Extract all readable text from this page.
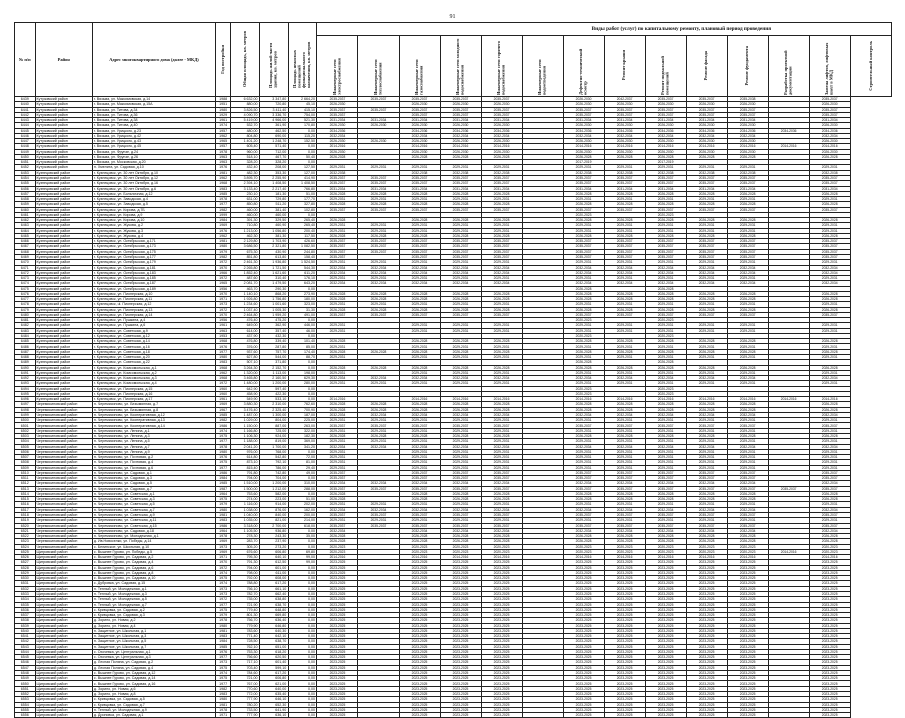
91
№ п/п	Район	Адрес многоквартирного дома (далее - МКД)	Год постройки	Общая площадь, кв. метров	Площадь жилой части здания, кв. метров	Площадь нежилых помещений функционального назначения, кв. метров	Виды работ (услуг) по капитальному ремонту, плановый период проведения													
							Инженерные сети электроснабжения	Инженерные сети теплоснабжения	Инженерные сети газоснабжения	Инженерные сети холодного водоснабжения	Инженерные сети горячего водоснабжения	Инженерные сети водоотведения	Дефектно-технический осмотр	Ремонт крыши	Ремонт подвальной помещений	Ремонт фасада	Ремонт фундамента	Разработка проектной документации	Замена лифтов, лифтовых шахт в МКД	Строительный контроль
6439	Кутузовский район	г. Вязьма, ул. Максимовская, д.14	1988	6 632,00	3 347,80	2 664,20	2035-2037	2035-2037	2035-2037	2035-2037	2035-2037		2026-2030	2042-2037	2035-2037	2035-2037	2035-2038		2035-2037	
6440	Кутузовский район	г. Вязьма, ул. Максимовская, д.15А	1951	880,00	720,80	45,10	2026-2030		2026-2030	2026-2030	2026-2030		2026-2030	2026-2030	2026-2030	2026-2030	2026-2030		2026-2030	
6441	Кутузовский район	г. Вязьма, ул. Титова, д.34	1980	3 826,50	3 411,40	415,10	2035-2037	2035-2037	2035-2037	2035-2037	2035-2037		2035-2037	2035-2037	2035-2037	2035-2037	2035-2037		2035-2037	
6442	Кутузовский район	г. Вязьма, ул. Титова, д.36	1929	4 090,70	3 336,70	754,00	2035-2037		2035-2037	2035-2037	2035-2037		2035-2037	2035-2037	2035-2037	2035-2037	2035-2037		2035-2037	
6443	Кутузовский район	г. Вязьма, ул. Титова, д.38	1961	5 419,00	4 966,00	521,30	2031-2034	2031-2034	2031-2034	2031-2034	2031-2034		2031-2034	2031-2034	2031-2034	2031-2034	2031-2034		2031-2034	
6444	Кутузовский район	г. Вязьма, ул. Титова, д.40	1974	532,70	361,90	170,80	2026-2030	2026-2030	2026-2030	2026-2030	2026-2030		2026-2030	2026-2030	2026-2030	2026-2030	2026-2030		2026-2030	
6445	Кутузовский район	г. Вязьма, ул. Урицкого, д.23	1957	480,00	462,50	0,00	2034-2036		2034-2036	2034-2036	2034-2036		2034-2036	2034-2036	2034-2036	2034-2036	2034-2036	2034-2036	2034-2036	
6446	Кутузовский район	г. Вязьма, ул. Урицкого, д.42	1962	804,80	690,00	115,20	2032-2034		2032-2034	2032-2034	2032-2034		2032-2034	2032-2034	2032-2034	2032-2034	2032-2034		2032-2034	
6447	Кутузовский район	г. Вязьма, ул. Урицкого, д.43	1965	1 401,20	1 248,70	152,50	2026-2030	2026-2030	2026-2030	2026-2030	2026-2030		2026-2030	2026-2030	2026-2030	2026-2030	2026-2030		2026-2030	
6448	Кутузовский район	г. Вязьма, ул. Урицкого, д.45	1957	605,40	571,40	0,00	2014-2016		2014-2016	2014-2016	2014-2016		2014-2016	2014-2016	2014-2016	2014-2016	2014-2016	2014-2016	2014-2016	
6449	Кутузовский район	г. Вязьма, ул. Фрунзе, д.24	1978	960,00	712,00	0,00	2026-2030		2026-2030	2026-2030	2026-2030		2026-2030	2026-2030	2026-2030	2026-2030	2026-2030		2026-2030	
6450	Кутузовский район	г. Вязьма, ул. Фрунзе, д.26	1963	518,10	467,70	50,40	2026-2028		2026-2028	2026-2028	2026-2028		2026-2028	2026-2028	2026-2028	2026-2028	2026-2028		2026-2028	
6451	Кутузовский район	г. Вязьма, ул. Московская, д.20	1963	328,20	328,20	0,00							2017-2019		2017-2019					
6452	Кутузовский район	п. Хмелита, ул. Садовая, д.10	1976	432,40	208,00	127,50	2029-2031	2029-2031	2029-2031	2029-2031	2029-2031		2029-2031	2029-2031	2029-2031	2029-2031	2029-2031		2029-2031	
6453	Кузнецовский район	г. Кузнецовск, ул. 30 лет Октября, д.10	1981	482,30	353,30	127,00	2032-2038		2032-2038	2032-2038	2032-2038		2032-2038	2032-2038	2032-2038	2032-2038	2032-2038		2032-2038	
6454	Кузнецовский район	г. Кузнецовск, ул. 30 лет Октября, д.12	1962	3 895,70	2 255,90	414,90	2035-2037	2035-2037	2035-2037	2035-2037	2035-2037		2035-2037	2035-2037	2035-2037	2035-2037	2035-2037		2035-2037	
6455	Кузнецовский район	г. Кузнецовск, ул. 30 лет Октября, д.16	1968	2 394,10	1 408,50	1 408,50	2035-2037	2035-2037	2035-2037	2035-2037	2035-2037		2035-2037	2035-2037	2035-2037	2035-2037	2035-2037		2035-2037	
6456	Кузнецовский район	г. Кузнецовск, ул. 30 лет Октября, д.6	1983	3 133,40	2 217,40	766,80	2031-2034	2031-2034	2031-2034	2031-2034	2031-2034		2031-2034	2031-2034	2031-2034	2031-2034	2031-2034		2031-2034	
6457	Кузнецовский район	г. Кузнецовск, ул. Больничная, д.12	1985	230,10	181,30	51,00	2026-2028	2026-2028	2026-2028	2026-2028	2026-2028		2026-2028	2026-2028	2026-2028	2026-2028	2026-2028		2026-2028	
6458	Кузнецовский район	г. Кузнецовск, ул. Заводская, д.4	1978	631,00	729,80	177,70	2029-2031	2029-2031	2029-2031	2029-2031	2029-2031		2029-2031	2029-2031	2029-2031	2029-2031	2029-2031		2029-2031	
6459	Кузнецовский район	г. Кузнецовск, ул. Заводская, д.5	1977	850,80	511,20	327,80	2026-2028	2026-2028	2026-2028	2026-2028	2026-2028		2026-2028	2026-2028	2026-2028	2026-2028	2026-2028		2026-2028	
6460	Кузнецовский район	г. Кузнецовск, ул. Кирова, д.7Б	1982	460,00	381,40	102,80	2035-2037	2035-2037	2035-2037	2035-2037	2035-2037		2035-2037	2035-2037	2035-2037	2035-2037	2035-2037		2035-2037	
6461	Кузнецовский район	г. Кузнецовск, ул. Кирова, д.9	1999	460,00	460,00	0,00							2020-2023		2020-2023					
6462	Кузнецовский район	г. Кузнецовск, ул. Кирова, д.10	1984	391,30	329,50	265,40	2026-2028		2026-2028	2026-2028	2026-2028		2026-2028	2026-2028	2026-2028	2026-2028	2026-2028		2026-2028	
6463	Кузнецовский район	г. Кузнецовск, ул. Жукова, д.2	1969	710,80	460,90	265,40	2029-2031	2029-2031	2029-2031	2029-2031	2029-2031		2029-2031	2029-2031	2029-2031	2029-2031	2029-2031		2029-2031	
6464	Кузнецовский район	г. Кузнецовск, ул. Жукова, д.3	1976	1 213,00	1 056,80	200,40	2029-2031	2029-2031	2029-2031	2029-2031	2029-2031		2029-2031	2029-2031	2029-2031	2029-2031	2029-2031		2029-2031	
6465	Кузнецовский район	г. Кузнецовск, ул. Жукова, д.4	1962	462,30	381,30	117,50	2026-2028	2026-2028	2026-2028	2026-2028	2026-2028		2026-2028	2026-2028	2026-2028	2026-2028	2026-2028		2026-2028	
6466	Кузнецовский район	г. Кузнецовск, ул. Октябрьская, д.171	1981	2 129,80	1 703,90	426,60	2035-2037	2035-2037	2035-2037	2035-2037	2035-2037		2035-2037	2035-2037	2035-2037	2035-2037	2035-2037		2035-2037	
6467	Кузнецовский район	г. Кузнецовск, ул. Октябрьская, д.173	1980	3 686,50	2 321,80	1 082,50	2035-2037	2035-2037	2035-2037	2035-2037	2035-2037		2035-2037	2035-2037	2035-2037	2035-2037	2035-2037		2035-2037	
6468	Кузнецовский район	г. Кузнецовск, ул. Октябрьская, д.175	1979	675,30	430,90	244,80	2035-2037	2035-2037	2035-2037	2035-2037	2035-2037		2035-2037	2035-2037	2035-2037	2035-2037	2035-2037		2035-2037	
6469	Кузнецовский район	г. Кузнецовск, ул. Октябрьская, д.177	1982	851,80	613,80	158,40	2035-2037		2035-2037	2035-2037	2035-2037		2035-2037	2035-2037	2035-2037	2035-2037	2035-2037		2035-2037	
6470	Кузнецовский район	г. Кузнецовск, ул. Октябрьская, д.179	1972	2 461,30	1 936,80	1 524,50	2029-2031	2029-2031	2029-2031	2029-2031	2029-2031		2029-2031	2029-2031	2029-2031	2029-2031	2029-2031		2029-2031	
6471	Кузнецовский район	г. Кузнецовск, ул. Октябрьская, д.181	1970	2 265,80	1 721,50	544,30	2032-2034	2032-2034	2032-2034	2032-2034	2032-2034		2032-2034	2032-2034	2032-2034	2032-2034	2032-2034		2032-2034	
6472	Кузнецовский район	г. Кузнецовск, ул. Октябрьская, д.183	1966	1 852,40	1 621,60	611,20	2032-2034	2032-2034	2032-2034	2032-2034	2032-2034		2032-2034	2032-2034	2032-2034	2032-2034	2032-2034		2032-2034	
6473	Кузнецовский район	г. Кузнецовск, ул. Октябрьская, д.185	1972	487,60	310,40	176,10	2029-2031	2029-2031	2029-2031	2029-2031	2029-2031		2029-2031	2029-2031	2029-2031	2029-2031	2029-2031		2029-2031	
6474	Кузнецовский район	г. Кузнецовск, ул. Октябрьская, д.187	1965	2 081,70	1 479,50	643,20	2032-2034	2032-2034	2032-2034	2032-2034	2032-2034		2032-2034	2032-2034	2032-2034	2032-2034	2032-2034		2032-2034	
6475	Кузнецовский район	г. Кузнецовск, ул. Октябрьская, д.189	1956	463,70	290,30	0,00							2026-2028		2026-2028					
6476	Кузнецовский район	г. Кузнецовск, ул. Пионерская, д.10	1970	1 140,10	868,20	273,90	2026-2028	2026-2028	2026-2028	2026-2028	2026-2028		2026-2028	2026-2028	2026-2028	2026-2028	2026-2028		2026-2028	
6477	Кузнецовский район	г. Кузнецовск, ул. Пионерская, д.11	1971	1 926,80	1 756,80	180,00	2026-2028	2026-2028	2026-2028	2026-2028	2026-2028		2026-2028	2026-2028	2026-2028	2026-2028	2026-2028		2026-2028	
6478	Кузнецовский район	г. Кузнецовск, ul. Пионерская, д.12	1973	1 234,60	1 001,60	323,00	2029-2031	2029-2031	2029-2031	2029-2031	2029-2031		2029-2031	2029-2031	2029-2031	2029-2031	2029-2031		2029-2031	
6479	Кузнецовский район	г. Кузнецовск, ул. Пионерская, д.13	1972	1 037,40	1 005,30	31,30	2026-2028	2026-2028	2026-2028	2026-2028	2026-2028		2026-2028	2026-2028	2026-2028	2026-2028	2026-2028		2026-2028	
6480	Кузнецовский район	г. Кузнецовск, ул. Пионерская, д.14	1970	2 464,80	1 959,20	491,00	2035-2037	2035-2037	2035-2037	2035-2037	2035-2037		2035-2037	2035-2037	2035-2037	2035-2037	2035-2037		2035-2037	
6481	Кузнецовский район	г. Кузнецовск, ул. Пушкина, д.4	1956	476,40	475,20	0,00							2020-2023		2020-2023					
6482	Кузнецовский район	г. Кузнецовск, ул. Пушкина, д.6	1961	649,00	362,90	446,00	2029-2031		2029-2031	2029-2031	2029-2031		2029-2031	2029-2031	2029-2031	2029-2031	2029-2031		2029-2031	
6483	Кузнецовский район	г. Кузнецовск, ул. Советская, д.9	1963	614,00	357,40	46,00	2029-2031		2029-2031	2029-2031	2029-2031		2029-2031	2029-2031	2029-2031	2029-2031	2029-2031		2029-2031	
6484	Кузнецовский район	г. Кузнецовск, ул. Советская, д.12	1953	437,90	432,30	0,00							2020-2023		2020-2023					
6485	Кузнецовский район	г. Кузнецовск, ул. Советская, д.14	1968	476,80	339,40	101,40	2026-2028		2026-2028	2026-2028	2026-2028		2026-2028	2026-2028	2026-2028	2026-2028	2026-2028		2026-2028	
6486	Кузнецовский район	г. Кузнецовск, ул. Советская, д.16	1976	376,00	287,80	85,00	2029-2031		2029-2031	2029-2031	2029-2031		2029-2031	2029-2031	2029-2031	2029-2031	2029-2031		2029-2031	
6487	Кузнецовский район	г. Кузнецовск, ул. Советская, д.18	1977	937,60	757,70	174,40	2026-2028	2026-2028	2026-2028	2026-2028	2026-2028		2026-2028	2026-2028	2026-2028	2026-2028	2026-2028		2026-2028	
6488	Кузнецовский район	г. Кузнецовск, ул. Советская, д.20	1980	627,80	544,00	88,70	2029-2031		2029-2031	2029-2031	2029-2031		2029-2031	2029-2031	2029-2031	2029-2031	2029-2031		2029-2031	
6489	Кузнецовский район	г. Кузнецовск, ул. Советская, д.22	1983	507,10	371,80	0,00							2026-2028		2026-2028					
6490	Кузнецовский район	г. Кузнецовск, ул. Комсомольская, д.1	1968	3 264,30	2 152,70	0,00	2026-2028	2026-2028	2026-2028	2026-2028	2026-2028		2026-2028	2026-2028	2026-2028	2026-2028	2026-2028		2026-2028	
6491	Кузнецовский район	г. Кузнецовск, ул. Комсомольская, д.2	1962	1 320,00	1 113,00	198,00	2029-2031		2029-2031	2029-2031	2029-2031		2029-2031	2029-2031	2029-2031	2029-2031	2029-2031		2029-2031	
6492	Кузнецовский район	г. Кузнецовск, ул. Комсомольская, д.3	1968	3 465,80	2 160,50	629,30	2032-2034	2032-2034	2032-2034	2032-2034	2032-2034		2032-2034	2032-2034	2032-2034	2032-2034	2032-2034		2032-2034	
6493	Кузнецовский район	г. Кузнецовск, ул. Комсомольская, д.4	1972	1 480,00	1 200,00	280,00	2029-2031	2029-2031	2029-2031	2029-2031	2029-2031		2029-2031	2029-2031	2029-2031	2029-2031	2029-2031		2029-2031	
6494	Кузнецовский район	г. Кузнецовск, ул. Пионерская, д.15	1960	642,90	597,40	0,00							2020-2023		2020-2023					
6495	Кузнецовский район	г. Кузнецовск, ул. Пионерская, д.16	1960	458,90	422,30	0,00							2020-2023		2020-2023					
6496	Кузнецовский район	г. Кузнецовск, ул. Пионерская, д.17	1961	549,90	533,10	0,00	2014-2016		2014-2016	2014-2016	2014-2016		2014-2016	2014-2016	2014-2016	2014-2016	2014-2016	2014-2016	2014-2016	
6497	Черемисиновский район	п. Черемисиново, ул. Безымянная, д.7	1969	3 880,30	2 310,00	762,60	2026-2028	2026-2028	2026-2028	2026-2028	2026-2028		2026-2028	2026-2028	2026-2028	2026-2028	2026-2028		2026-2028	
6498	Черемисиновский район	п. Черемисиново, ул. Безымянная, д.8	1967	3 476,40	2 325,40	700,90	2026-2028	2026-2028	2026-2028	2026-2028	2026-2028		2026-2028	2026-2028	2026-2028	2026-2028	2026-2028		2026-2028	
6499	Черемисиновский район	п. Черемисиново, ул. Кооперативная, д.12	1985	1 487,00	1 300,00	187,00	2032-2034	2032-2034	2032-2034	2032-2034	2032-2034		2032-2034	2032-2034	2032-2034	2032-2034	2032-2034		2032-2034	
6500	Черемисиновский район	п. Черемисиново, ул. Кооперативная, д.13	1982	1 029,00	804,00	225,00	2029-2031	2029-2031	2029-2031	2029-2031	2029-2031		2029-2031	2029-2031	2029-2031	2029-2031	2029-2031		2029-2031	
6501	Черемисиновский район	п. Черемисиново, ул. Кооперативная, д.14	1986	1 150,00	887,00	263,00	2035-2037	2035-2037	2035-2037	2035-2037	2035-2037		2035-2037	2035-2037	2035-2037	2035-2037	2035-2037		2035-2037	
6502	Черемисиновский район	п. Черемисиново, ул. Ленина, д.1	1974	1 166,80	725,00	322,00	2029-2031	2029-2031	2029-2031	2029-2031	2029-2031		2029-2031	2029-2031	2029-2031	2029-2031	2029-2031		2029-2031	
6503	Черемисиновский район	п. Черемисиново, ул. Ленина, д.3	1975	1 106,30	924,00	182,30	2026-2028	2026-2028	2026-2028	2026-2028	2026-2028		2026-2028	2026-2028	2026-2028	2026-2028	2026-2028		2026-2028	
6504	Черемисиновский район	п. Черемисиново, ул. Ленина, д.5	1977	1 188,00	819,00	369,00	2029-2031	2029-2031	2029-2031	2029-2031	2029-2031		2029-2031	2029-2031	2029-2031	2029-2031	2029-2031		2029-2031	
6505	Черемисиновский район	п. Черемисиново, ул. Ленина, д.7	1978	2 041,20	1 700,00	341,20	2032-2034	2032-2034	2032-2034	2032-2034	2032-2034		2032-2034	2032-2034	2032-2034	2032-2034	2032-2034		2032-2034	
6506	Черемисиновский район	п. Черемисиново, ул. Ленина, д.9	1980	976,00	768,00	0,00	2029-2031		2029-2031	2029-2031	2029-2031		2029-2031	2029-2031	2029-2031	2029-2031	2029-2031		2029-2031	
6507	Черемисиновский район	п. Черемисиново, ул. Почтовая, д.2	1976	614,80	542,80	72,00	2029-2031		2029-2031	2029-2031	2029-2031		2029-2031	2029-2031	2029-2031	2029-2031	2029-2031		2029-2031	
6508	Черемисиновский район	п. Черемисиново, ул. Почтовая, д.4	1975	873,10	792,10	81,00	2029-2031		2029-2031	2029-2031	2029-2031		2029-2031	2029-2031	2029-2031	2029-2031	2029-2031		2029-2031	
6509	Черемисиновский район	п. Черемисиново, ул. Почтовая, д.6	1977	815,40	786,00	29,40	2029-2031		2029-2031	2029-2031	2029-2031		2029-2031	2029-2031	2029-2031	2029-2031	2029-2031		2029-2031	
6510	Черемисиновский район	п. Черемисиново, ул. Садовая, д.1	1986	791,80	742,80	49,00	2035-2037		2035-2037	2035-2037	2035-2037		2035-2037	2035-2037	2035-2037	2035-2037	2035-2037		2035-2037	
6511	Черемисиновский район	п. Черемисиново, ул. Садовая, д.3	1984	794,00	704,00	0,00	2035-2037		2035-2037	2035-2037	2035-2037		2035-2037	2035-2037	2035-2037	2035-2037	2035-2037		2035-2037	
6512	Черемисиновский район	п. Черемисиново, ул. Садовая, д.5	1985	1 510,00	1 200,00	310,00	2032-2034	2032-2034	2032-2034	2032-2034	2032-2034		2032-2034	2032-2034	2032-2034	2032-2034	2032-2034		2032-2034	
6513	Черемисиновский район	п. Черемисиново, ул. Садовая, д.7	1987	1 500,00	1 212,00	288,00	2035-2037	2035-2037	2035-2037	2035-2037	2035-2037		2035-2037	2035-2037	2035-2037	2035-2037	2035-2037	2035-2037	2035-2037	
6514	Черемисиновский район	п. Черемисиново, ул. Советская, д.1	1964	753,60	582,00	0,00	2026-2028		2026-2028	2026-2028	2026-2028		2026-2028	2026-2028	2026-2028	2026-2028	2026-2028		2026-2028	
6515	Черемисиновский район	п. Черемисиново, ул. Советская, д.3	1975	274,00	223,00	51,00	2026-2028		2026-2028	2026-2028	2026-2028		2026-2028	2026-2028	2026-2028	2026-2028	2026-2028		2026-2028	
6516	Черемисиновский район	п. Черемисиново, ул. Советская, д.5	1979	1 116,00	914,00	202,00	2029-2031	2029-2031	2029-2031	2029-2031	2029-2031		2029-2031	2029-2031	2029-2031	2029-2031	2029-2031		2029-2031	
6517	Черемисиновский район	п. Черемисиново, ул. Советская, д.7	1980	1 038,00	876,00	162,00	2032-2034	2032-2034	2032-2034	2032-2034	2032-2034		2032-2034	2032-2034	2032-2034	2032-2034	2032-2034		2032-2034	
6518	Черемисиновский район	п. Черемисиново, ул. Советская, д.9	1981	1 040,00	840,00	200,00	2035-2037	2035-2037	2035-2037	2035-2037	2035-2037		2035-2037	2035-2037	2035-2037	2035-2037	2035-2037		2035-2037	
6519	Черемисиновский район	п. Черемисиново, ул. Советская, д.11	1983	1 035,00	821,00	214,00	2029-2031	2029-2031	2029-2031	2029-2031	2029-2031		2029-2031	2029-2031	2029-2031	2029-2031	2029-2031		2029-2031	
6520	Черемисиновский район	п. Черемисиново, ул. Советская, д.15	1986	3 318,00	2 700,00	618,00	2035-2037	2035-2037	2035-2037	2035-2037	2035-2037		2035-2037	2035-2037	2035-2037	2035-2037	2035-2037		2035-2037	
6521	Черемисиновский район	п. Черемисиново, ул. Садовая, д.18	1964	1 105,50	936,80	0,00	2032-2034		2032-2034	2032-2034	2032-2034		2032-2034	2032-2034	2032-2034	2032-2034	2032-2034		2032-2034	
6522	Черемисиновский район	п. Черемисиново, ул. Молодежная, д.1	1978	278,30	243,30	35,00	2026-2028		2026-2028	2026-2028	2026-2028		2026-2028	2026-2028	2026-2028	2026-2028	2026-2028		2026-2028	
6523	Черемисиновский район	д. Ив.Новоселки, ул. Победы, д.14	1969	283,70	237,90	0,00	2026-2028		2026-2028	2026-2028	2026-2028		2026-2028	2026-2028	2026-2028	2026-2028	2026-2028		2026-2028	
6524	Черемисиновский район	с. Белинское, ул. Школьная, д.10	1973	305,20	273,20	0,00	2020-2023		2020-2023	2020-2023	2020-2023		2020-2023	2020-2023	2020-2023	2020-2023	2020-2023		2020-2023	
6525	Щигровский район	с. Вышнее Гурово, ул. Победы, д.5	1969	676,60	606,80	69,80	2020-2023		2020-2023	2020-2023	2020-2023		2020-2023	2020-2023	2020-2023	2020-2023	2020-2023	2014-2016	2020-2023	
6526	Щигровский район	с. Вышнее Гурово, ул. Садовая, д.2	1971	795,30	640,10	99,00	2014-2016		2014-2016	2014-2016	2014-2016		2014-2016	2014-2016	2014-2016	2014-2016	2014-2016		2014-2016	
6527	Щигровский район	с. Вышнее Гурово, ул. Садовая, д.4	1970	791,30	612,50	99,00	2023-2025		2023-2025	2023-2025	2023-2025		2023-2025	2023-2025	2023-2025	2023-2025	2023-2025		2023-2025	
6528	Щигровский район	с. Вышнее Гурово, ул. Садовая, д.6	1972	794,00	601,00	0,00	2023-2025		2023-2025	2023-2025	2023-2025		2023-2025	2023-2025	2023-2025	2023-2025	2023-2025		2023-2025	
6529	Щигровский район	с. Вышнее Гурово, ул. Садовая, д.8	1974	798,00	611,00	0,00	2023-2025		2023-2025	2023-2025	2023-2025		2023-2025	2023-2025	2023-2025	2023-2025	2023-2025		2023-2025	
6530	Щигровский район	с. Вышнее Гурово, ул. Садовая, д.10	1975	792,00	608,00	0,00	2023-2025		2023-2025	2023-2025	2023-2025		2023-2025	2023-2025	2023-2025	2023-2025	2023-2025		2023-2025	
6531	Щигровский район	с. Дубровка, ул. Садовая, д.15	1974	788,80	617,20	0,00	2023-2025		2023-2025	2023-2025	2023-2025		2023-2025	2023-2025	2023-2025	2023-2025	2023-2025		2023-2025	
6532	Щигровский район	п. Теплый, ул. Молодежная, д.1	1973	756,10	661,10	0,00	2023-2025		2023-2025	2023-2025	2023-2025		2023-2025	2023-2025	2023-2025	2023-2025	2023-2025		2023-2025	
6533	Щигровский район	п. Теплый, ул. Молодежная, д.3	1973	782,70	662,40	0,00	2023-2025		2023-2025	2023-2025	2023-2025		2023-2025	2023-2025	2023-2025	2023-2025	2023-2025		2023-2025	
6534	Щигровский район	п. Теплый, ул. Молодежная, д.5	1972	735,00	638,80	0,00	2023-2025		2023-2025	2023-2025	2023-2025		2023-2025	2023-2025	2023-2025	2023-2025	2023-2025		2023-2025	
6535	Щигровский район	п. Теплый, ул. Молодежная, д.7	1977	721,90	638,70	0,00	2023-2025		2023-2025	2023-2025	2023-2025		2023-2025	2023-2025	2023-2025	2023-2025	2023-2025		2023-2025	
6536	Щигровский район	с. Кривцовка, ул. Садовая, д.2	1975	779,40	648,80	0,00	2023-2025		2023-2025	2023-2025	2023-2025		2023-2025	2023-2025	2023-2025	2023-2025	2023-2025		2023-2025	
6537	Щигровский район	с. Кривцовка, ул. Садовая, д.3	1979	801,30	669,80	0,00	2023-2025		2023-2025	2023-2025	2023-2025		2023-2025	2023-2025	2023-2025	2023-2025	2023-2025		2023-2025	
6538	Щигровский район	д. Зорино, ул. Новая, д.2	1978	756,70	636,40	0,00	2023-2025		2023-2025	2023-2025	2023-2025		2023-2025	2023-2025	2023-2025	2023-2025	2023-2025		2023-2025	
6539	Щигровский район	д. Зорино, ул. Новая, д.4	1980	779,90	646,80	0,00	2023-2025		2023-2025	2023-2025	2023-2025		2023-2025	2023-2025	2023-2025	2023-2025	2023-2025		2023-2025	
6540	Щигровский район	п. Защитное, ул. Школьная, д.1	1981	783,60	640,30	0,00	2023-2025		2023-2025	2023-2025	2023-2025		2023-2025	2023-2025	2023-2025	2023-2025	2023-2025		2023-2025	
6541	Щигровский район	п. Защитное, ул. Школьная, д.3	1983	771,40	642,10	0,00	2023-2025		2023-2025	2023-2025	2023-2025		2023-2025	2023-2025	2023-2025	2023-2025	2023-2025		2023-2025	
6542	Щигровский район	п. Защитное, ул. Школьная, д.5	1984	728,50	638,70	0,00	2023-2025		2023-2025	2023-2025	2023-2025		2023-2025	2023-2025	2023-2025	2023-2025	2023-2025		2023-2025	
6543	Щигровский район	п. Защитное, ул. Школьная, д.7	1985	762,10	651,00	0,00	2023-2025		2023-2025	2023-2025	2023-2025		2023-2025	2023-2025	2023-2025	2023-2025	2023-2025		2023-2025	
6544	Щигровский район	с. Охочевка, ул. Центральная, д.1	1976	753,30	618,20	0,00	2023-2025		2023-2025	2023-2025	2023-2025		2023-2025	2023-2025	2023-2025	2023-2025	2023-2025		2023-2025	
6545	Щигровский район	с. Охочевка, ул. Центральная, д.3	1977	756,60	620,50	0,00	2023-2025		2023-2025	2023-2025	2023-2025		2023-2025	2023-2025	2023-2025	2023-2025	2023-2025		2023-2025	
6546	Щигровский район	д. Лесная Поляна, ул. Садовая, д.2	1973	717,10	601,40	0,00	2023-2025		2023-2025	2023-2025	2023-2025		2023-2025	2023-2025	2023-2025	2023-2025	2023-2025		2023-2025	
6547	Щигровский район	д. Лесная Поляна, ул. Садовая, д.4	1975	703,40	599,10	0,00	2023-2025		2023-2025	2023-2025	2023-2025		2023-2025	2023-2025	2023-2025	2023-2025	2023-2025		2023-2025	
6548	Щигровский район	с. Вышнее Гурово, ул. Садовая, д.12	1974	784,60	617,20	0,00	2023-2025		2023-2025	2023-2025	2023-2025		2023-2025	2023-2025	2023-2025	2023-2025	2023-2025		2023-2025	
6549	Щигровский район	с. Вышнее Гурово, ул. Садовая, д.14	1975	721,00	606,80	0,00	2023-2025		2023-2025	2023-2025	2023-2025		2023-2025	2023-2025	2023-2025	2023-2025	2023-2025		2023-2025	
6550	Щигровский район	с. Вышнее Гурово, ул. Садовая, д.16	1977	767,00	621,00	0,00	2023-2025		2023-2025	2023-2025	2023-2025		2023-2025	2023-2025	2023-2025	2023-2025	2023-2025		2023-2025	
6551	Щигровский район	д. Зорино, ул. Новая, д.6	1982	770,60	640,00	0,00	2023-2025		2023-2025	2023-2025	2023-2025		2023-2025	2023-2025	2023-2025	2023-2025	2023-2025		2023-2025	
6552	Щигровский район	д. Зорино, ул. Новая, д.8	1983	772,00	635,40	0,00	2023-2025		2023-2025	2023-2025	2023-2025		2023-2025	2023-2025	2023-2025	2023-2025	2023-2025		2023-2025	
6553	Щигровский район	с. Кривцовка, ул. Садовая, д.5	1980	777,90	646,10	0,00	2023-2025		2023-2025	2023-2025	2023-2025		2023-2025	2023-2025	2023-2025	2023-2025	2023-2025		2023-2025	
6554	Щигровский район	с. Кривцовка, ул. Садовая, д.7	1981	780,20	652,30	0,00	2023-2025		2023-2025	2023-2025	2023-2025		2023-2025	2023-2025	2023-2025	2023-2025	2023-2025		2023-2025	
6555	Щигровский район	п. Теплый, ул. Молодежная, д.9	1978	733,50	641,90	0,00	2023-2025		2023-2025	2023-2025	2023-2025		2023-2025	2023-2025	2023-2025	2023-2025	2023-2025		2023-2025	
6556	Щигровский район	д. Дроновка, ул. Садовая, д.1	1971	777,90	636,10	0,00	2023-2025		2023-2025	2023-2025	2023-2025		2023-2025	2023-2025	2023-2025	2023-2025	2023-2025		2023-2025	
